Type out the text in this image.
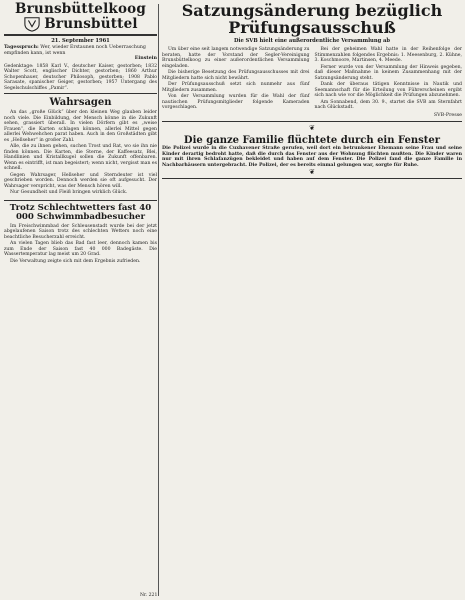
Brunsbüttelkoog
Brunsbüttel
21. September 1961
Tagesspruch: Wer, wieder Erstaunen noch Ueberraschung empfinden kann, ist wenn
Einstein
Gedenktage: 1858 Karl V., deutscher Kaiser, gestorben; 1832 Walter Scott, englischer Dichter, gestorben; 1860 Arthur Schopenhauer, deutscher Philosoph, gestorben; 1908 Pablo Sarasate, spanischer Geiger, gestorben; 1957 Untergang des Segelschulschiffes „Pamir“.
Wahrsagen

An das „große Glück“ über den kleinen Weg glauben leider noch viele. Die Einbildung, der Mensch könne in die Zukunft sehen, grassiert überall. In vielen Dörfern gibt es „weise Frauen“, die Karten schlagen können, allerlei Mittel gegen allerlei Wehwehchen parat haben. Auch in den Großstädten gibt es „Hellseher“ in großer Zahl.

Alle, die zu ihnen gehen, suchen Trost und Rat, wo sie ihn nie finden können. Die Karten, die Sterne, der Kaffeesatz, Blei, Handlinien und Kristallkugel sollen die Zukunft offenbaren. Wenn es eintrifft, ist man begeistert; wenn nicht, vergisst man es schnell.

Gegen Wahrsager, Hellseher und Sterndeuter ist viel geschrieben worden. Dennoch werden sie oft aufgesucht. Der Wahrsager verspricht, was der Mensch hören will.

Nur Gesundheit und Fleiß bringen wirklich Glück.

Trotz Schlechtwetters fast 40 000 Schwimmbadbesucher

Im Freischwimmbad der Schleusenstadt wurde bei der jetzt abgelaufenen Saison trotz des schlechten Wetters noch eine beachtliche Besucherzahl erreicht.

An vielen Tagen blieb das Bad fast leer, dennoch kamen bis zum Ende der Saison fast 40 000 Badegäste. Die Wassertemperatur lag meist um 20 Grad.

Die Verwaltung zeigte sich mit dem Ergebnis zufrieden.

Satzungsänderung bezüglich Prüfungsausschuß
Die SVB hielt eine außerordentliche Versammlung ab

Um über eine seit langem notwendige Satzungsänderung zu beraten, hatte der Vorstand der Segler-Vereinigung Brunsbüttelkoog zu einer außerordentlichen Versammlung eingeladen.

Die bisherige Besetzung des Prüfungsausschusses mit drei Mitgliedern hatte sich nicht bewährt.

Der Prüfungsausschuß setzt sich nunmehr aus fünf Mitgliedern zusammen.

Von der Versammlung wurden für die Wahl der fünf nautischen Prüfungsmitglieder folgende Kameraden vorgeschlagen.

Bei der geheimen Wahl hatte in der Reihenfolge der Stimmenzahlen folgendes Ergebnis: 1. Meesenburg, 2. Kühne, 3. Koschmoore, Martinsen, 4. Meede.

Ferner wurde von der Versammlung der Hinweis gegeben, daß dieser Maßnahme in keinem Zusammenhang mit der Satzungsänderung steht.

Dank der überaus tätigen Kenntnisse in Nautik und Seemannschaft für die Erteilung von Führerscheinen ergibt sich nach wie vor die Möglichkeit die Prüfungen abzunehmen.

Am Sonnabend, dem 30. 9., startet die SVB am Sternfahrt nach Glückstadt.

SVB-Presse
❦
Die ganze Familie flüchtete durch ein Fenster
Die Polizei wurde in die Cuxhavener Straße gerufen, weil dort ein betrunkener Ehemann seine Frau und seine Kinder derartig bedroht hatte, daß die durch das Fenster aus der Wohnung flüchten mußten. Die Kinder waren nur mit ihren Schlafanzügen bekleidet und haben auf dem Fenster. Die Polizei fand die ganze Familie in Nachbarhäusern untergebracht. Die Polizei, der es bereits einmal gelungen war, sorgte für Ruhe.
❦
Nr. 221
